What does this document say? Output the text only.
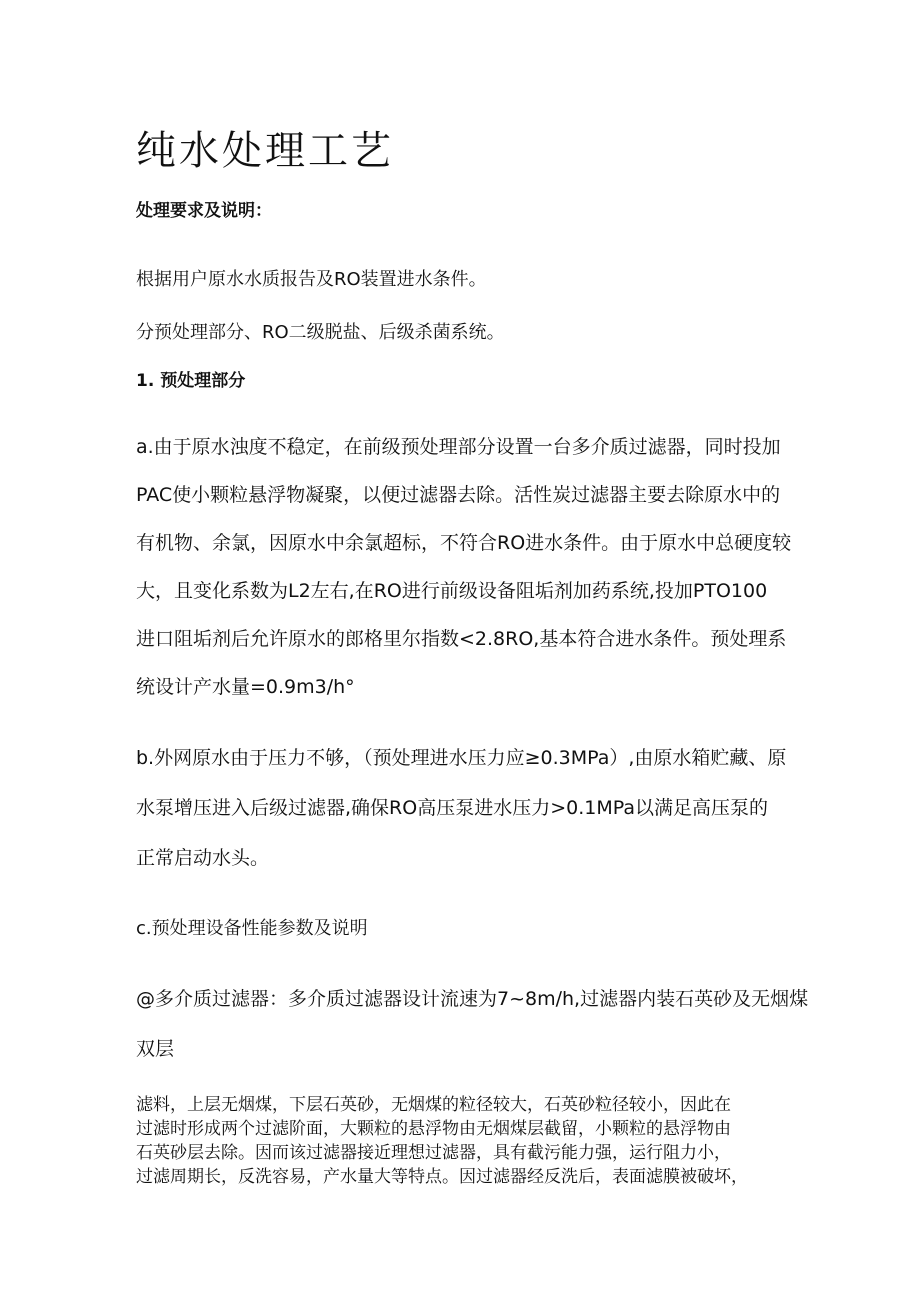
纯水处理工艺
处理要求及说明：
根据用户原水水质报告及RO装置进水条件。
分预处理部分、RO二级脱盐、后级杀菌系统。
1. 预处理部分
a.由于原水浊度不稳定，在前级预处理部分设置一台多介质过滤器，同时投加
PAC使小颗粒悬浮物凝聚，以便过滤器去除。活性炭过滤器主要去除原水中的
有机物、余氯，因原水中余氯超标，不符合RO进水条件。由于原水中总硬度较
大，且变化系数为L2左右,在RO进行前级设备阻垢剂加药系统,投加PTO100
进口阻垢剂后允许原水的郎格里尔指数<2.8RO,基本符合进水条件。预处理系
统设计产水量=0.9m3∕h°
b.外网原水由于压力不够，（预处理进水压力应≥0.3MPa）,由原水箱贮藏、原
水泵增压进入后级过滤器,确保RO高压泵进水压力>0.1MPa以满足高压泵的
正常启动水头。
c.预处理设备性能参数及说明
@多介质过滤器：多介质过滤器设计流速为7~8m∕h,过滤器内装石英砂及无烟煤
双层
滤料，上层无烟煤，下层石英砂，无烟煤的粒径较大，石英砂粒径较小，因此在
过滤时形成两个过滤阶面，大颗粒的悬浮物由无烟煤层截留，小颗粒的悬浮物由
石英砂层去除。因而该过滤器接近理想过滤器，具有截污能力强，运行阻力小，
过滤周期长，反洗容易，产水量大等特点。因过滤器经反洗后，表面滤膜被破坏，
